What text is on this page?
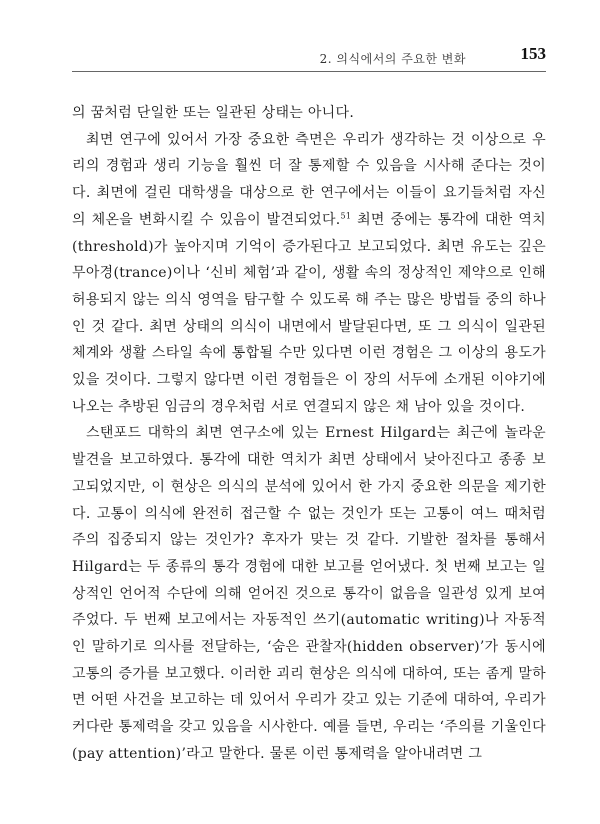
2. 의식에서의 주요한 변화	153

의 꿈처럼 단일한 또는 일관된 상태는 아니다.

최면 연구에 있어서 가장 중요한 측면은 우리가 생각하는 것 이상으로 우리의 경험과 생리 기능을 훨씬 더 잘 통제할 수 있음을 시사해 준다는 것이다. 최면에 걸린 대학생을 대상으로 한 연구에서는 이들이 요기들처럼 자신의 체온을 변화시킬 수 있음이 발견되었다.$^{51}$ 최면 중에는 통각에 대한 역치(threshold)가 높아지며 기억이 증가된다고 보고되었다. 최면 유도는 깊은 무아경(trance)이나 ‘신비 체험’과 같이, 생활 속의 정상적인 제약으로 인해 허용되지 않는 의식 영역을 탐구할 수 있도록 해 주는 많은 방법들 중의 하나인 것 같다. 최면 상태의 의식이 내면에서 발달된다면, 또 그 의식이 일관된 체계와 생활 스타일 속에 통합될 수만 있다면 이런 경험은 그 이상의 용도가 있을 것이다. 그렇지 않다면 이런 경험들은 이 장의 서두에 소개된 이야기에 나오는 추방된 임금의 경우처럼 서로 연결되지 않은 채 남아 있을 것이다.

스탠포드 대학의 최면 연구소에 있는 Ernest Hilgard는 최근에 놀라운 발견을 보고하였다. 통각에 대한 역치가 최면 상태에서 낮아진다고 종종 보고되었지만, 이 현상은 의식의 분석에 있어서 한 가지 중요한 의문을 제기한다. 고통이 의식에 완전히 접근할 수 없는 것인가 또는 고통이 여느 때처럼 주의 집중되지 않는 것인가? 후자가 맞는 것 같다. 기발한 절차를 통해서 Hilgard는 두 종류의 통각 경험에 대한 보고를 얻어냈다. 첫 번째 보고는 일상적인 언어적 수단에 의해 얻어진 것으로 통각이 없음을 일관성 있게 보여 주었다. 두 번째 보고에서는 자동적인 쓰기(automatic writing)나 자동적인 말하기로 의사를 전달하는, ‘숨은 관찰자(hidden observer)’가 동시에 고통의 증가를 보고했다. 이러한 괴리 현상은 의식에 대하여, 또는 좀게 말하면 어떤 사건을 보고하는 데 있어서 우리가 갖고 있는 기준에 대하여, 우리가 커다란 통제력을 갖고 있음을 시사한다. 예를 들면, 우리는 ‘주의를 기울인다(pay attention)’라고 말한다. 물론 이런 통제력을 알아내려면 그
